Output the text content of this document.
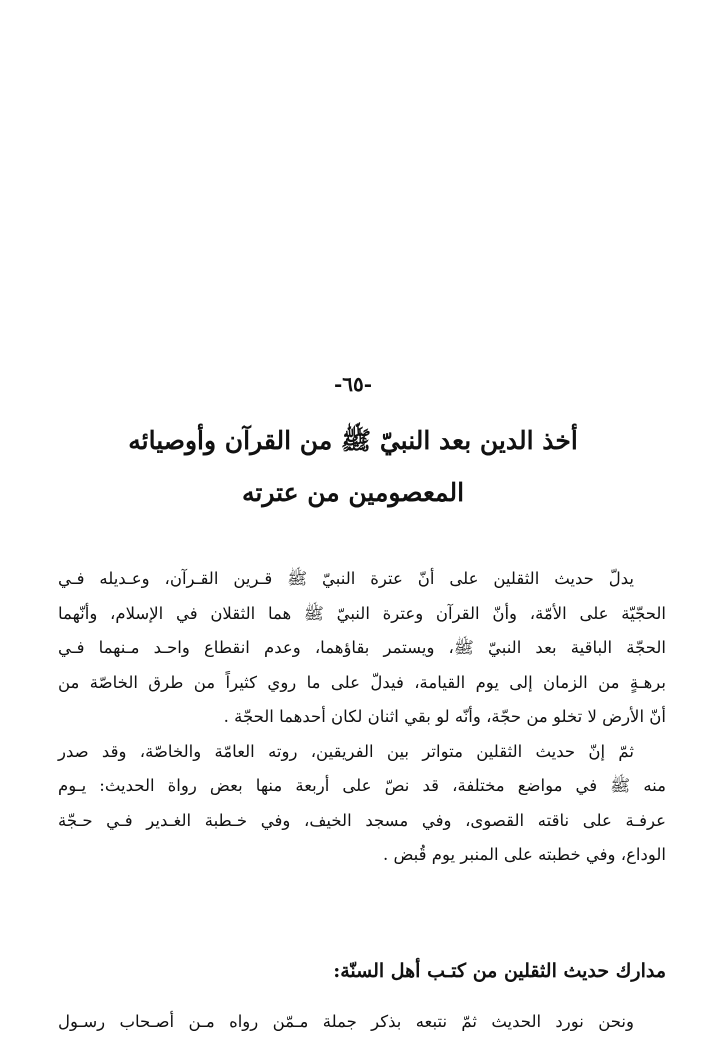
-٦٥-
أخذ الدين بعد النبيّ ﷺ من القرآن وأوصيائه
المعصومين من عترته

يدلّ حديث الثقلين على أنّ عترة النبيّ ﷺ قـرين القـرآن، وعـديله فـي
الحجّيّة على الأمّة، وأنّ القرآن وعترة النبيّ ﷺ هما الثقلان في الإسلام، وأنّهما
الحجّة الباقية بعد النبيّ ﷺ، ويستمر بقاؤهما، وعدم انقطاع واحـد مـنهما فـي
برهـةٍ من الزمان إلى يوم القيامة، فيدلّ على ما روي كثيراً من طرق الخاصّة من
أنّ الأرض لا تخلو من حجّة، وأنّه لو بقي اثنان لكان أحدهما الحجّة .

ثمّ إنّ حديث الثقلين متواتر بين الفريقين، روته العامّة والخاصّة، وقد صدر
منه ﷺ في مواضع مختلفة، قد نصّ على أربعة منها بعض رواة الحديث: يـوم
عرفـة على ناقته القصوى، وفي مسجد الخيف، وفي خـطبة الغـدير فـي حـجّة
الوداع، وفي خطبته على المنبر يوم قُبض .

مدارك حديث الثقلين من كتـب أهل السنّة:
ونحن نورد الحديث ثمّ نتبعه بذكر جملة مـمّن رواه مـن أصـحاب رسـول
